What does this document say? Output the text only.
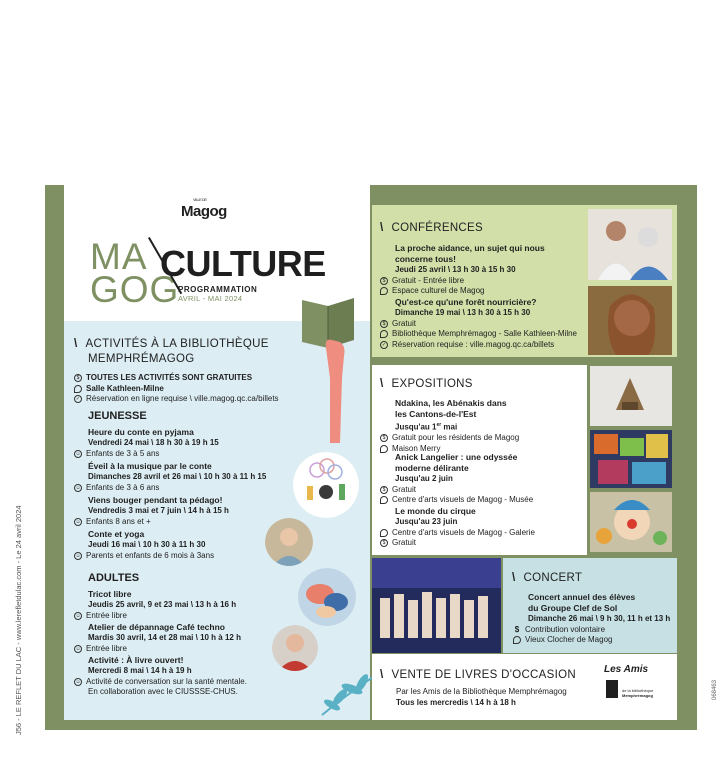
J56 - LE REFLET DU LAC - www.lerefletdulac.com - Le 24 avril 2024	068463
VILLE DE
Magog
MA
GOG
CULTURE
PROGRAMMATION
AVRIL - MAI 2024
\ ACTIVITÉS À LA BIBLIOTHÈQUE
MEMPHRÉMAGOG
$ TOUTES LES ACTIVITÉS SONT GRATUITES
Salle Kathleen-Milne
✓ Réservation en ligne requise \ ville.magog.qc.ca/billets
JEUNESSE
Heure du conte en pyjama
Vendredi 24 mai \ 18 h 30 à 19 h 15
☺ Enfants de 3 à 5 ans
Éveil à la musique par le conte
Dimanches 28 avril et 26 mai \ 10 h 30 à 11 h 15
☺ Enfants de 3 à 6 ans
Viens bouger pendant ta pédago!
Vendredis 3 mai et 7 juin \ 14 h à 15 h
☺ Enfants 8 ans et +
Conte et yoga
Jeudi 16 mai \ 10 h 30 à 11 h 30
☺ Parents et enfants de 6 mois à 3ans
ADULTES
Tricot libre
Jeudis 25 avril, 9 et 23 mai \ 13 h à 16 h
☺ Entrée libre
Atelier de dépannage Café techno
Mardis 30 avril, 14 et 28 mai \ 10 h à 12 h
☺ Entrée libre
Activité : À livre ouvert!
Mercredi 8 mai \ 14 h à 19 h
☺ Activité de conversation sur la santé mentale.
En collaboration avec le CIUSSSE-CHUS.
\ CONFÉRENCES
La proche aidance, un sujet qui nous
concerne tous!
Jeudi 25 avril \ 13 h 30 à 15 h 30
$ Gratuit - Entrée libre
Espace culturel de Magog
Qu'est-ce qu'une forêt nourricière?
Dimanche 19 mai \ 13 h 30 à 15 h 30
$ Gratuit
Bibliothèque Memphrémagog - Salle Kathleen-Milne
✓ Réservation requise : ville.magog.qc.ca/billets
\ EXPOSITIONS
Ndakina, les Abénakis dans
les Cantons-de-l'Est
Jusqu'au 1er mai
$ Gratuit pour les résidents de Magog
Maison Merry
Anick Langelier : une odyssée
moderne délirante
Jusqu'au 2 juin
$ Gratuit
Centre d'arts visuels de Magog - Musée
Le monde du cirque
Jusqu'au 23 juin
Centre d'arts visuels de Magog - Galerie
$ Gratuit
\ CONCERT
Concert annuel des élèves
du Groupe Clef de Sol
Dimanche 26 mai \ 9 h 30, 11 h et 13 h
$ Contribution volontaire
Vieux Clocher de Magog
\ VENTE DE LIVRES D'OCCASION
Par les Amis de la Bibliothèque Memphrémagog
Tous les mercredis \ 14 h à 18 h
Les Amis
de la bibliothèque
Memphrémagog
